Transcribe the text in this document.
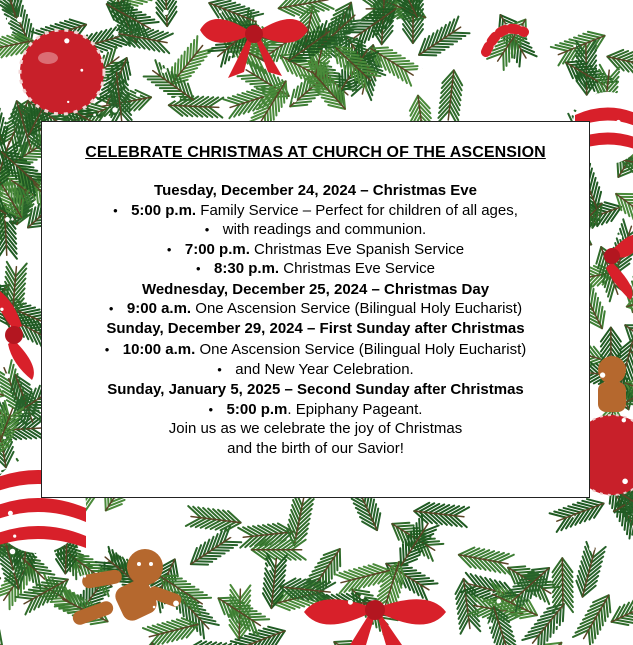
CELEBRATE CHRISTMAS AT CHURCH OF THE ASCENSION
Tuesday, December 24, 2024 – Christmas Eve
• 5:00 p.m. Family Service – Perfect for children of all ages,
• with readings and communion.
• 7:00 p.m. Christmas Eve Spanish Service
• 8:30 p.m. Christmas Eve Service
Wednesday, December 25, 2024 – Christmas Day
• 9:00 a.m. One Ascension Service (Bilingual Holy Eucharist)
Sunday, December 29, 2024 – First Sunday after Christmas
• 10:00 a.m. One Ascension Service (Bilingual Holy Eucharist)
• and New Year Celebration.
Sunday, January 5, 2025 – Second Sunday after Christmas
• 5:00 p.m. Epiphany Pageant.
Join us as we celebrate the joy of Christmas
and the birth of our Savior!
